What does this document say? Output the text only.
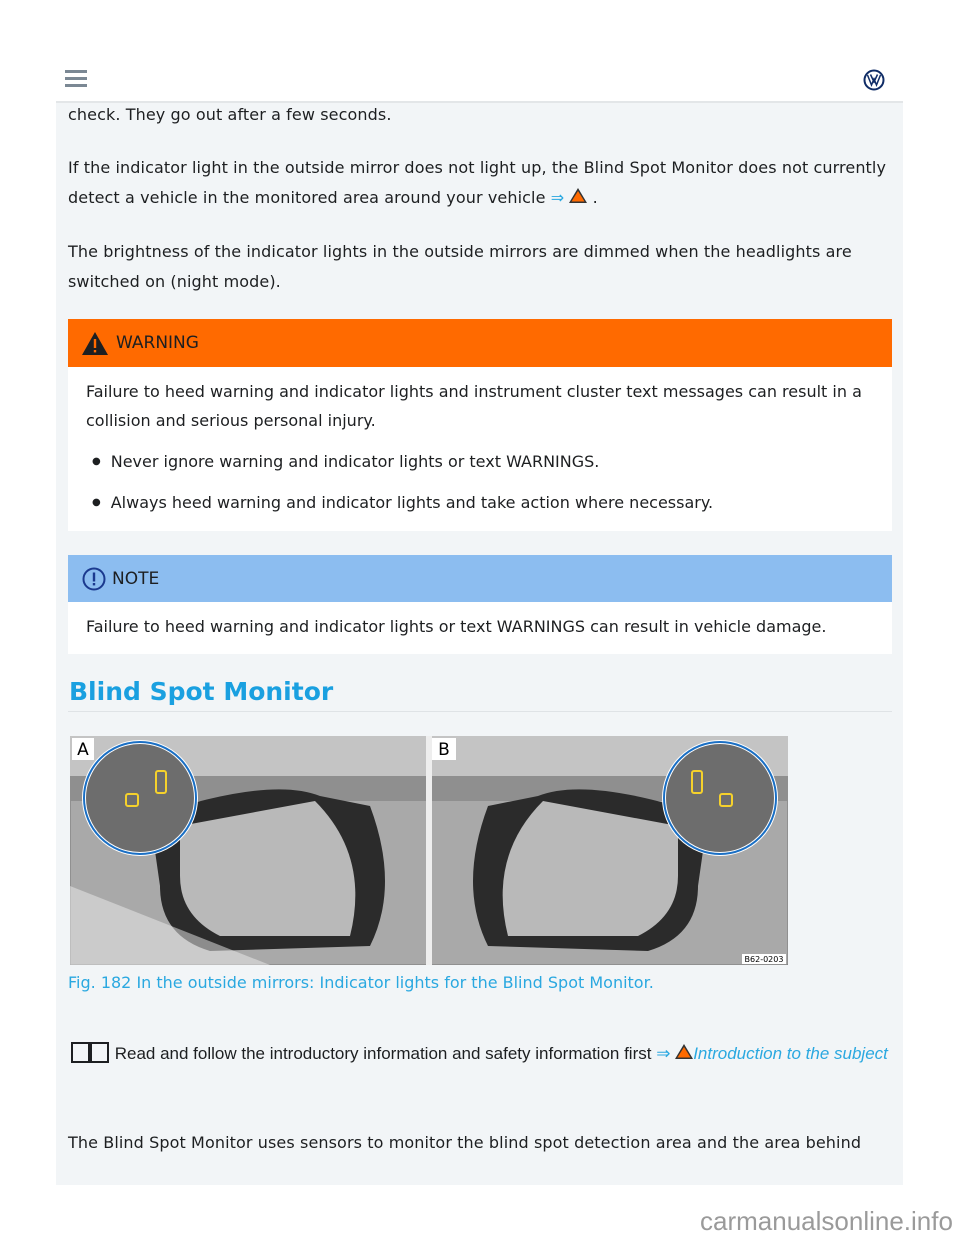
check. They go out after a few seconds.

If the indicator light in the outside mirror does not light up, the Blind Spot Monitor does not currently detect a vehicle in the monitored area around your vehicle ⇒ .

The brightness of the indicator lights in the outside mirrors are dimmed when the headlights are switched on (night mode).

WARNING
Failure to heed warning and indicator lights and instrument cluster text messages can result in a collision and serious personal injury.
● Never ignore warning and indicator lights or text WARNINGS.
● Always heed warning and indicator lights and take action where necessary.
NOTE
Failure to heed warning and indicator lights or text WARNINGS can result in vehicle damage.
Blind Spot Monitor
A	B
B62-0203
Fig. 182 In the outside mirrors: Indicator lights for the Blind Spot Monitor.
Read and follow the introductory information and safety information first ⇒ Introduction to the subject

The Blind Spot Monitor uses sensors to monitor the blind spot detection area and the area behind

carmanualsonline.info
